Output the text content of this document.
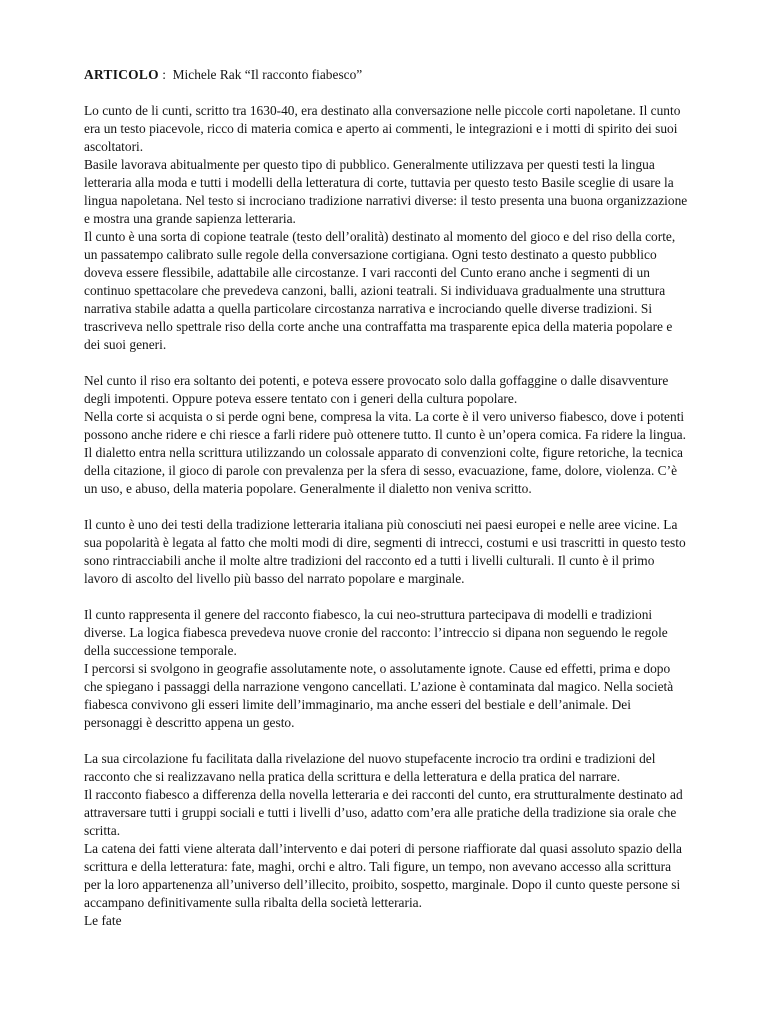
ARTICOLO :  Michele Rak “Il racconto fiabesco”

Lo cunto de li cunti, scritto tra 1630-40, era destinato alla conversazione nelle piccole corti napoletane. Il cunto era un testo piacevole, ricco di materia comica e aperto ai commenti, le integrazioni e i motti di spirito dei suoi ascoltatori.

Basile lavorava abitualmente per questo tipo di pubblico. Generalmente utilizzava per questi testi la lingua letteraria alla moda e tutti i modelli della letteratura di corte, tuttavia per questo testo Basile sceglie di usare la lingua napoletana. Nel testo si incrociano tradizione narrativi diverse: il testo presenta una buona organizzazione e mostra una grande sapienza letteraria.

Il cunto è una sorta di copione teatrale (testo dell’oralità) destinato al momento del gioco e del riso della corte, un passatempo calibrato sulle regole della conversazione cortigiana. Ogni testo destinato a questo pubblico doveva essere flessibile, adattabile alle circostanze. I vari racconti del Cunto erano anche i segmenti di un continuo spettacolare che prevedeva canzoni, balli, azioni teatrali. Si individuava gradualmente una struttura narrativa stabile adatta a quella particolare circostanza narrativa e incrociando quelle diverse tradizioni. Si trascriveva nello spettrale riso della corte anche una contraffatta ma trasparente epica della materia popolare e dei suoi generi.

Nel cunto il riso era soltanto dei potenti, e poteva essere provocato solo dalla goffaggine o dalle disavventure degli impotenti. Oppure poteva essere tentato con i generi della cultura popolare.

Nella corte si acquista o si perde ogni bene, compresa la vita. La corte è il vero universo fiabesco, dove i potenti possono anche ridere e chi riesce a farli ridere può ottenere tutto. Il cunto è un’opera comica. Fa ridere la lingua. Il dialetto entra nella scrittura utilizzando un colossale apparato di convenzioni colte, figure retoriche, la tecnica della citazione, il gioco di parole con prevalenza per la sfera di sesso, evacuazione, fame, dolore, violenza. C’è un uso, e abuso, della materia popolare. Generalmente il dialetto non veniva scritto.

Il cunto è uno dei testi della tradizione letteraria italiana più conosciuti nei paesi europei e nelle aree vicine. La sua popolarità è legata al fatto che molti modi di dire, segmenti di intrecci, costumi e usi trascritti in questo testo sono rintracciabili anche il molte altre tradizioni del racconto ed a tutti i livelli culturali. Il cunto è il primo lavoro di ascolto del livello più basso del narrato popolare e marginale.

Il cunto rappresenta il genere del racconto fiabesco, la cui neo-struttura partecipava di modelli e tradizioni diverse. La logica fiabesca prevedeva nuove cronie del racconto: l’intreccio si dipana non seguendo le regole della successione temporale.

I percorsi si svolgono in geografie assolutamente note, o assolutamente ignote. Cause ed effetti, prima e dopo che spiegano i passaggi della narrazione vengono cancellati. L’azione è contaminata dal magico. Nella società fiabesca convivono gli esseri limite dell’immaginario, ma anche esseri del bestiale e dell’animale. Dei personaggi è descritto appena un gesto.

La sua circolazione fu facilitata dalla rivelazione del nuovo stupefacente incrocio tra ordini e tradizioni del racconto che si realizzavano nella pratica della scrittura e della letteratura e della pratica del narrare.

Il racconto fiabesco a differenza della novella letteraria e dei racconti del cunto, era strutturalmente destinato ad attraversare tutti i gruppi sociali e tutti i livelli d’uso, adatto com’era alle pratiche della tradizione sia orale che scritta.

La catena dei fatti viene alterata dall’intervento e dai poteri di persone riaffiorate dal quasi assoluto spazio della scrittura e della letteratura: fate, maghi, orchi e altro. Tali figure, un tempo, non avevano accesso alla scrittura per la loro appartenenza all’universo dell’illecito, proibito, sospetto, marginale. Dopo il cunto queste persone si accampano definitivamente sulla ribalta della società letteraria.

Le fate
